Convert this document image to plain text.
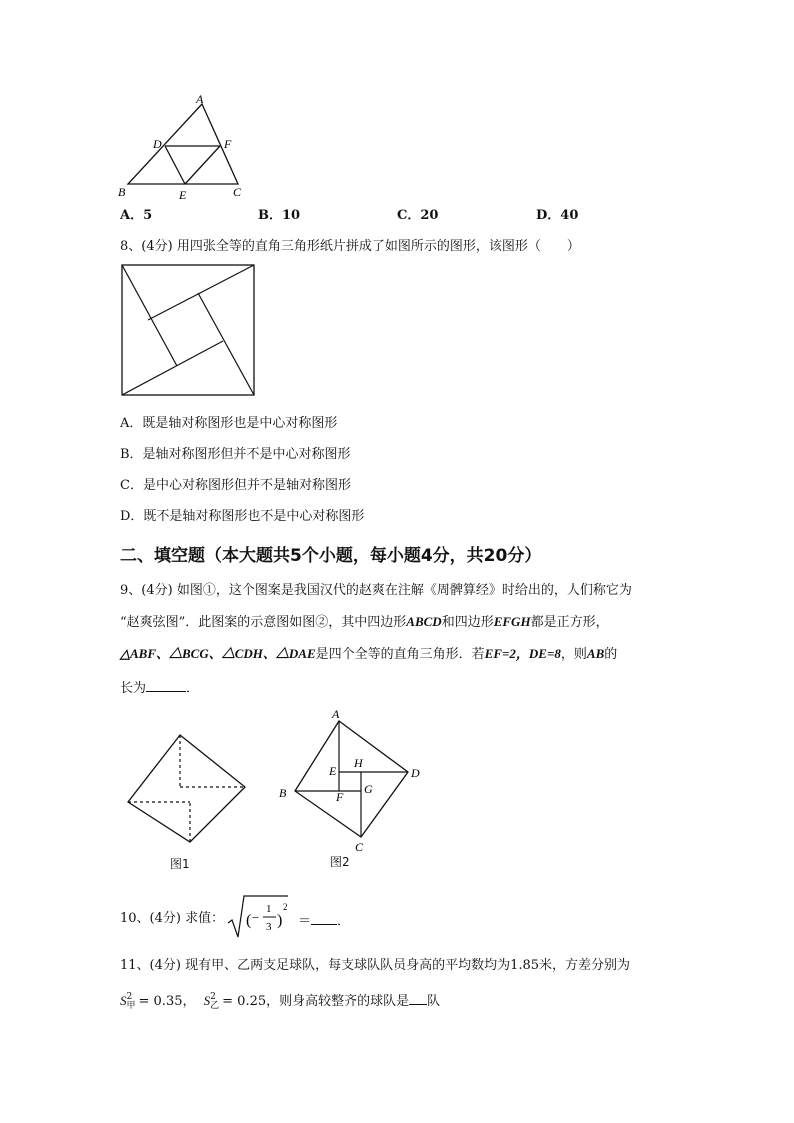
A
D	F
B	E	C
A．5	B．10	C．20	D．40
8、(4分) 用四张全等的直角三角形纸片拼成了如图所示的图形，该图形（　　）
A．既是轴对称图形也是中心对称图形
B．是轴对称图形但并不是中心对称图形
C．是中心对称图形但并不是轴对称图形
D．既不是轴对称图形也不是中心对称图形
二、填空题（本大题共5个小题，每小题4分，共20分）
9、(4分) 如图①，这个图案是我国汉代的赵爽在注解《周髀算经》时给出的，人们称它为
“赵爽弦图”．此图案的示意图如图②，其中四边形ABCD和四边形EFGH都是正方形，
△ABF、△BCG、△CDH、△DAE是四个全等的直角三角形．若EF=2，DE=8，则AB的
长为	．
图1
A
B
C
D
E
F
G
H
图2
10、(4分) 求值： ( −
1
3 )
2
＝ ．
11、(4分) 现有甲、乙两支足球队，每支球队队员身高的平均数均为1.85米，方差分别为
S 2
甲 = 0.35， S 2
乙 = 0.25，则身高较整齐的球队是 队
